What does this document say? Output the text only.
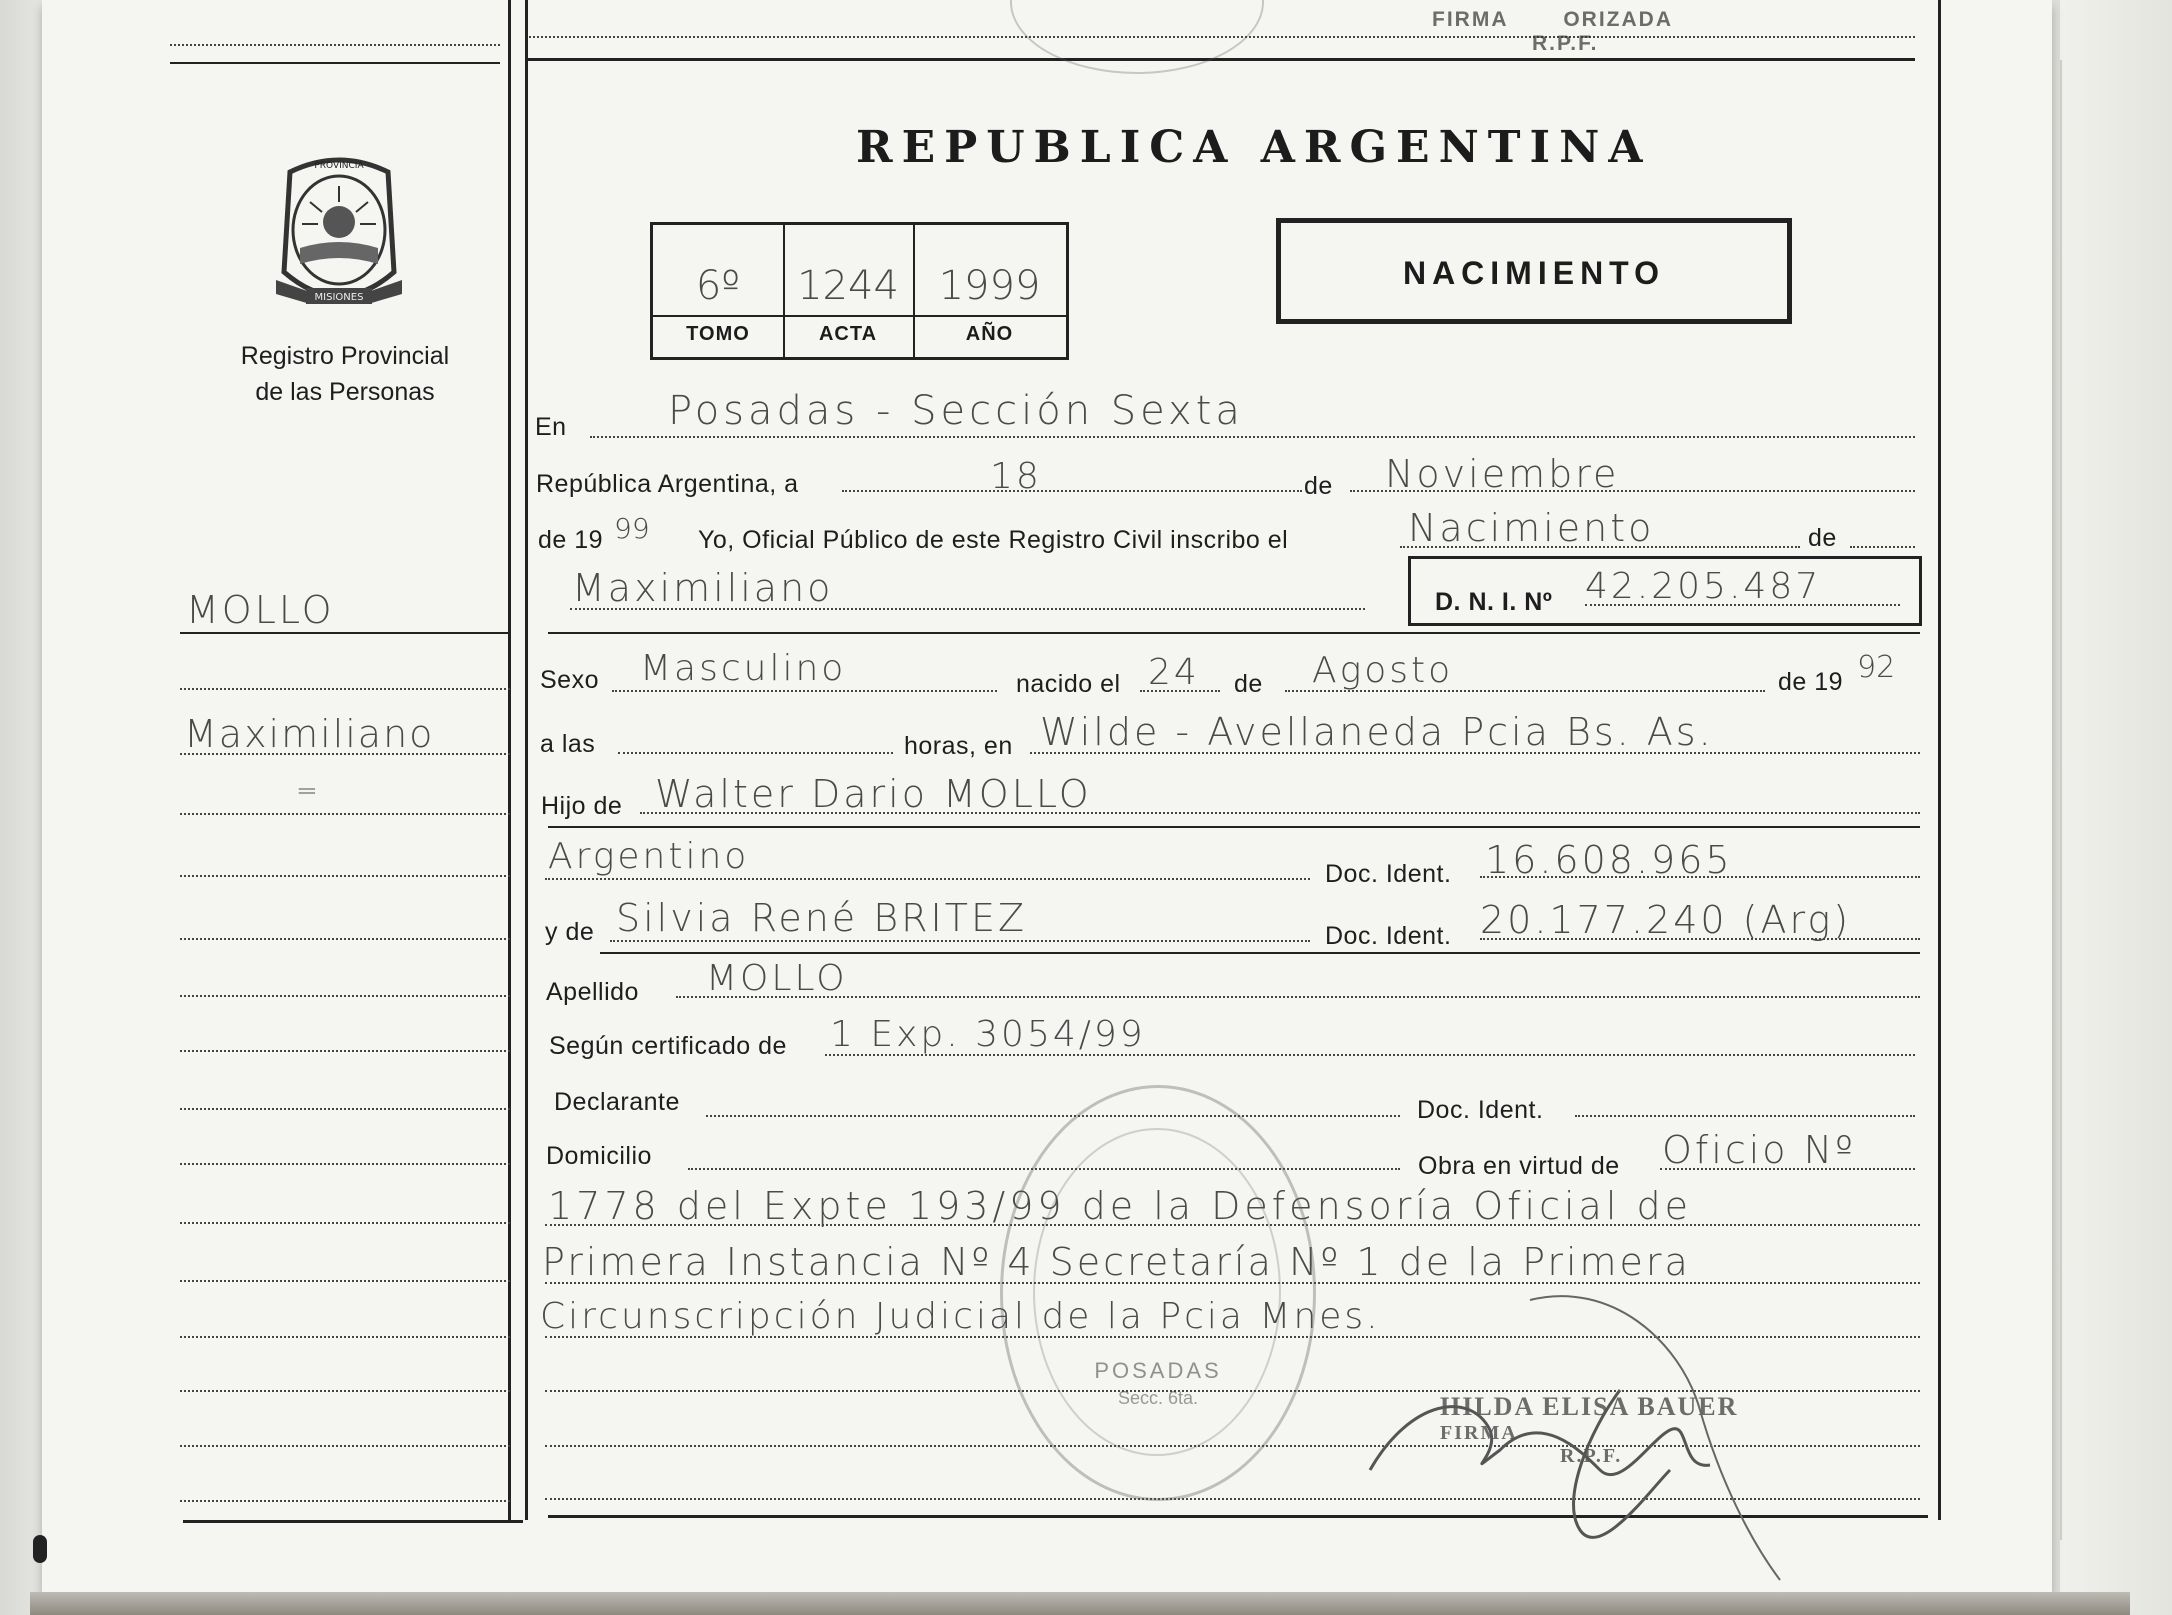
FIRMA	ORIZADA
R.P.F.
REPUBLICA ARGENTINA
MISIONES
PROVINCIA
Registro Provincial
de las Personas
6º	1244 1999
TOMO	ACTA	AÑO
NACIMIENTO
MOLLO
Maximiliano
=
En	Posadas - Sección Sexta
República Argentina, a	18	de Noviembre
de 19 99 Yo, Oficial Público de este Registro Civil inscribo el	Nacimiento	de
Maximiliano	D. N. I. Nº 42.205.487
Sexo Masculino	nacido el 24 de Agosto	de 19 92
a las	horas, en Wilde - Avellaneda Pcia Bs. As.
Hijo de Walter Dario MOLLO
Argentino	Doc. Ident. 16.608.965
y de Silvia René BRITEZ	Doc. Ident. 20.177.240 (Arg)
Apellido MOLLO
Según certificado de 1 Exp. 3054/99
Declarante	Doc. Ident.
Domicilio	Obra en virtud de Oficio Nº
1778 del Expte 193/99 de la Defensoría Oficial de
Primera Instancia Nº 4 Secretaría Nº 1 de la Primera
Circunscripción Judicial de la Pcia Mnes.
POSADAS
Secc. 6ta.	HILDA ELISA BAUER
FIRMA
R.P.F.
